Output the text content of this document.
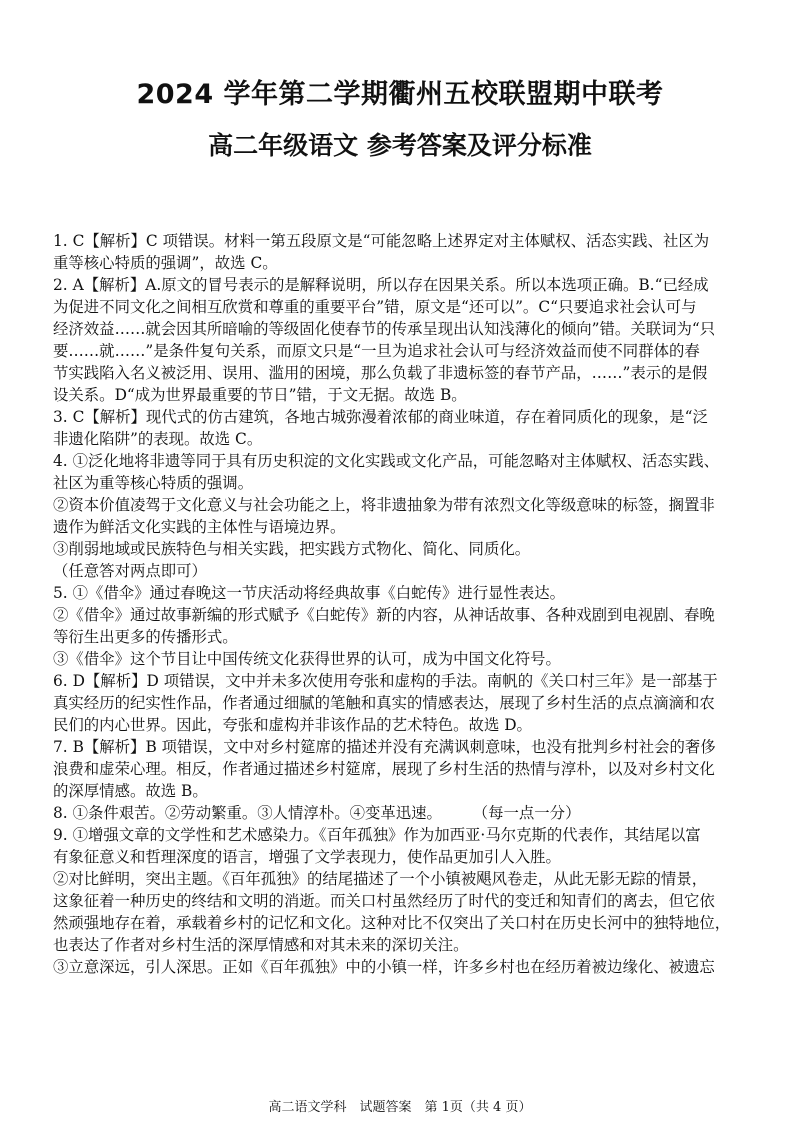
2024 学年第二学期衢州五校联盟期中联考
高二年级语文 参考答案及评分标准
1. C【解析】C 项错误。材料一第五段原文是“可能忽略上述界定对主体赋权、活态实践、社区为
重等核心特质的强调”，故选 C。
2. A【解析】A.原文的冒号表示的是解释说明，所以存在因果关系。所以本选项正确。B.“已经成
为促进不同文化之间相互欣赏和尊重的重要平台”错，原文是“还可以”。C“只要追求社会认可与
经济效益……就会因其所暗喻的等级固化使春节的传承呈现出认知浅薄化的倾向”错。关联词为“只
要……就……”是条件复句关系，而原文只是“一旦为追求社会认可与经济效益而使不同群体的春
节实践陷入名义被泛用、误用、滥用的困境，那么负载了非遗标签的春节产品，……”表示的是假
设关系。D“成为世界最重要的节日”错，于文无据。故选 B。
3. C【解析】现代式的仿古建筑，各地古城弥漫着浓郁的商业味道，存在着同质化的现象，是“泛
非遗化陷阱”的表现。故选 C。
4. ①泛化地将非遗等同于具有历史积淀的文化实践或文化产品，可能忽略对主体赋权、活态实践、
社区为重等核心特质的强调。
②资本价值凌驾于文化意义与社会功能之上，将非遗抽象为带有浓烈文化等级意味的标签，搁置非
遗作为鲜活文化实践的主体性与语境边界。
③削弱地域或民族特色与相关实践，把实践方式物化、简化、同质化。
（任意答对两点即可）
5. ①《借伞》通过春晚这一节庆活动将经典故事《白蛇传》进行显性表达。
②《借伞》通过故事新编的形式赋予《白蛇传》新的内容，从神话故事、各种戏剧到电视剧、春晚
等衍生出更多的传播形式。
③《借伞》这个节目让中国传统文化获得世界的认可，成为中国文化符号。
6. D【解析】D 项错误，文中并未多次使用夸张和虚构的手法。南帆的《关口村三年》是一部基于
真实经历的纪实性作品，作者通过细腻的笔触和真实的情感表达，展现了乡村生活的点点滴滴和农
民们的内心世界。因此，夸张和虚构并非该作品的艺术特色。故选 D。
7. B【解析】B 项错误，文中对乡村筵席的描述并没有充满讽刺意味，也没有批判乡村社会的奢侈
浪费和虚荣心理。相反，作者通过描述乡村筵席，展现了乡村生活的热情与淳朴，以及对乡村文化
的深厚情感。故选 B。
8. ①条件艰苦。②劳动繁重。③人情淳朴。④变革迅速。　　　（每一点一分）
9. ①增强文章的文学性和艺术感染力。《百年孤独》作为加西亚·马尔克斯的代表作，其结尾以富
有象征意义和哲理深度的语言，增强了文学表现力，使作品更加引人入胜。
②对比鲜明，突出主题。《百年孤独》的结尾描述了一个小镇被飓风卷走，从此无影无踪的情景，
这象征着一种历史的终结和文明的消逝。而关口村虽然经历了时代的变迁和知青们的离去，但它依
然顽强地存在着，承载着乡村的记忆和文化。这种对比不仅突出了关口村在历史长河中的独特地位，
也表达了作者对乡村生活的深厚情感和对其未来的深切关注。
③立意深远，引人深思。正如《百年孤独》中的小镇一样，许多乡村也在经历着被边缘化、被遗忘
高二语文学科　试题答案　第 1页（共 4 页）
